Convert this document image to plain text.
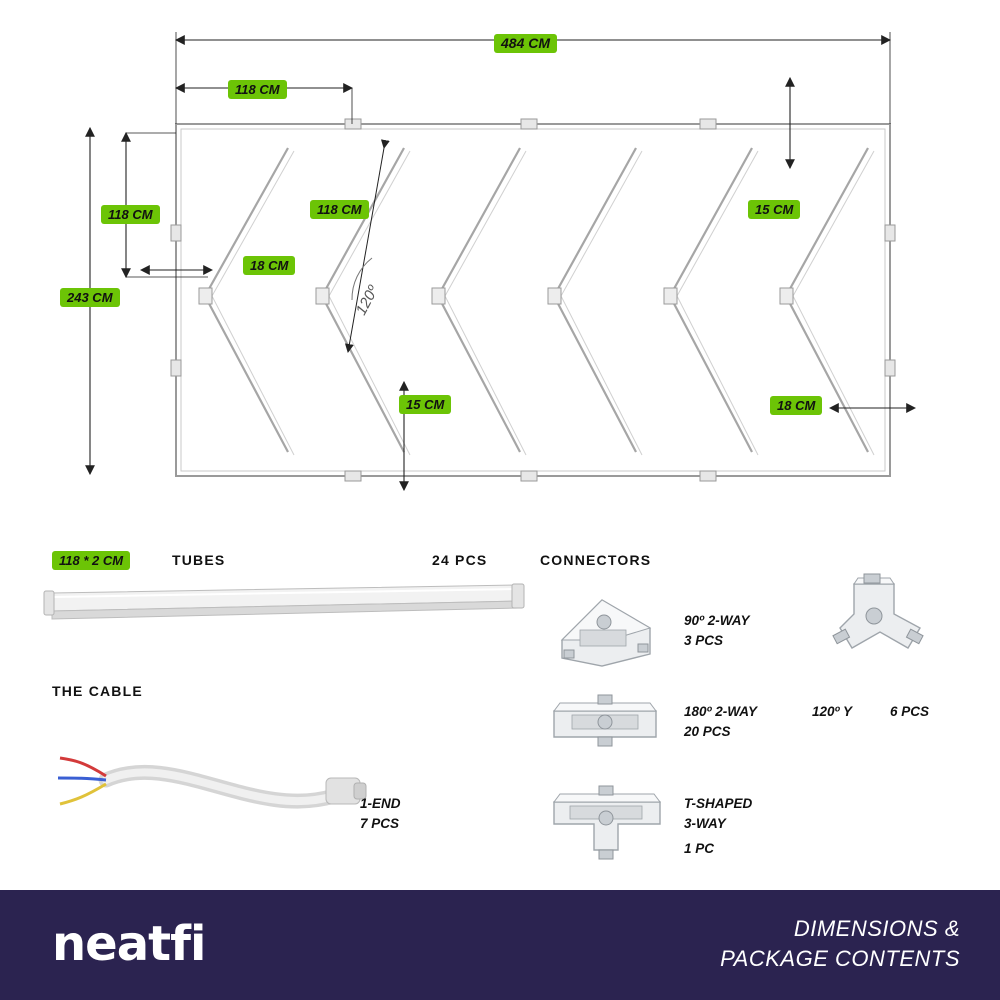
484 CM
118 CM
118 CM
243 CM
18 CM
118 CM
120º
15 CM
15 CM
18 CM
118 * 2 CM	TUBES	24 PCS
THE CABLE
1-END
7 PCS
CONNECTORS
90º 2-WAY
3 PCS
180º 2-WAY
20 PCS
T-SHAPED
3-WAY
1 PC
120º Y	6 PCS
neatfi	DIMENSIONS &
PACKAGE CONTENTS
